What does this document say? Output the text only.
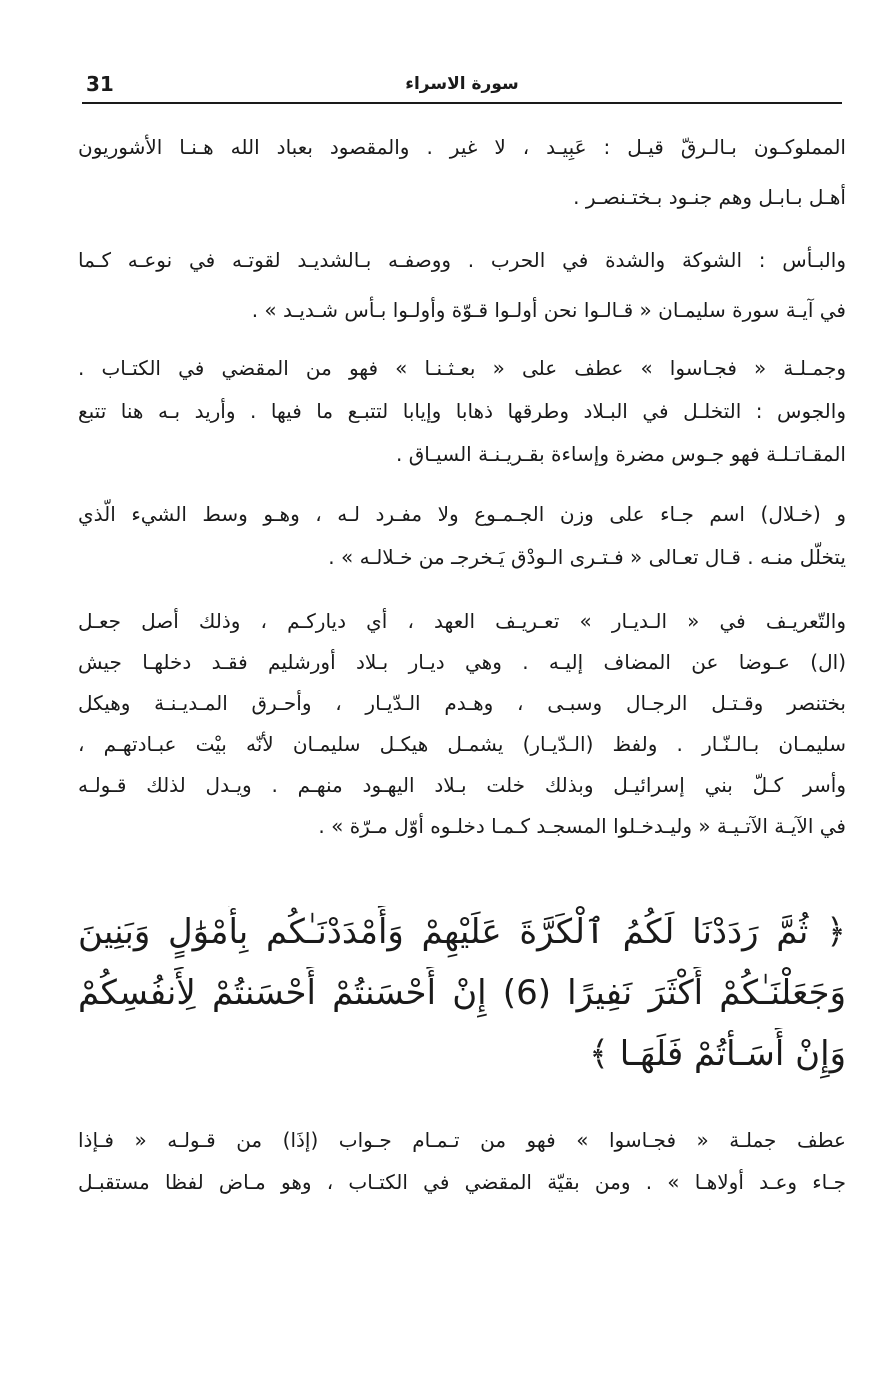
31	سورة الاسراء
المملوكـون بـالـرقّ قيـل : عَبِيـد ، لا غير . والمقصود بعباد الله هـنـا الأشوريون
أهـل بـابـل وهم جنـود بـختـنصـر .
والبـأس : الشوكة والشدة في الحرب . ووصفـه بـالشديـد لقوتـه في نوعـه كـما
في آيـة سورة سليمـان « قـالـوا نحن أولـوا قـوّة وأولـوا بـأس شـديـد » .
وجمـلـة « فجـاسوا » عطف على « بعـثـنـا » فهو من المقضي في الكتـاب .
والجوس : التخلـل في البـلاد وطرقها ذهابا وإيابا لتتبـع ما فيها . وأريد بـه هنا تتبع
المقـاتـلـة فهو جـوس مضرة وإساءة بقـريـنـة السيـاق .
و (خـلال) اسم جـاء على وزن الجـمـوع ولا مفـرد لـه ، وهـو وسط الشيء الّذي
يتخلّل منـه . قـال تعـالى « فـتـرى الـودْق يَـخرجـ من خـلالـه » .
والتّعريـف في « الـديـار » تعـريـف العهد ، أي دياركـم ، وذلك أصل جعـل
(ال) عـوضا عن المضاف إليـه . وهي ديـار بـلاد أورشليم فقـد دخلهـا جيش
بختنصر وقـتـل الرجـال وسبـى ، وهـدم الـدّيـار ، وأحـرق المـديـنـة وهيكل
سليمـان بـالـنّـار . ولفظ (الـدّيـار) يشمـل هيكـل سليمـان لأنّه بيْت عبـادتهـم ،
وأسر كـلّ بني إسرائيـل وبذلك خلت بـلاد اليهـود منهـم . ويـدل لذلك قـولـه
في الآيـة الآتـيـة « وليـدخـلوا المسجـد كـمـا دخلـوه أوّل مـرّة » .
﴿ ثُمَّ رَدَدْنَا لَكُمُ ٱلْكَرَّةَ عَلَيْهِمْ وَأَمْدَدْنَـٰكُم بِأَمْوَٰلٍ وَبَنِينَ
وَجَعَلْنَـٰكُمْ أَكْثَرَ نَفِيرًا (6) إِنْ أَحْسَنتُمْ أَحْسَنتُمْ لِأَنفُسِكُمْ
وَإِنْ أَسَـأْتُمْ فَلَهَـا ﴾
عطف جملـة « فجـاسوا » فهو من تـمـام جـواب (إذَا) من قـولـه « فـإذا
جـاء وعـد أولاهـا » . ومن بقيّة المقضي في الكتـاب ، وهو مـاض لفظا مستقبـل
